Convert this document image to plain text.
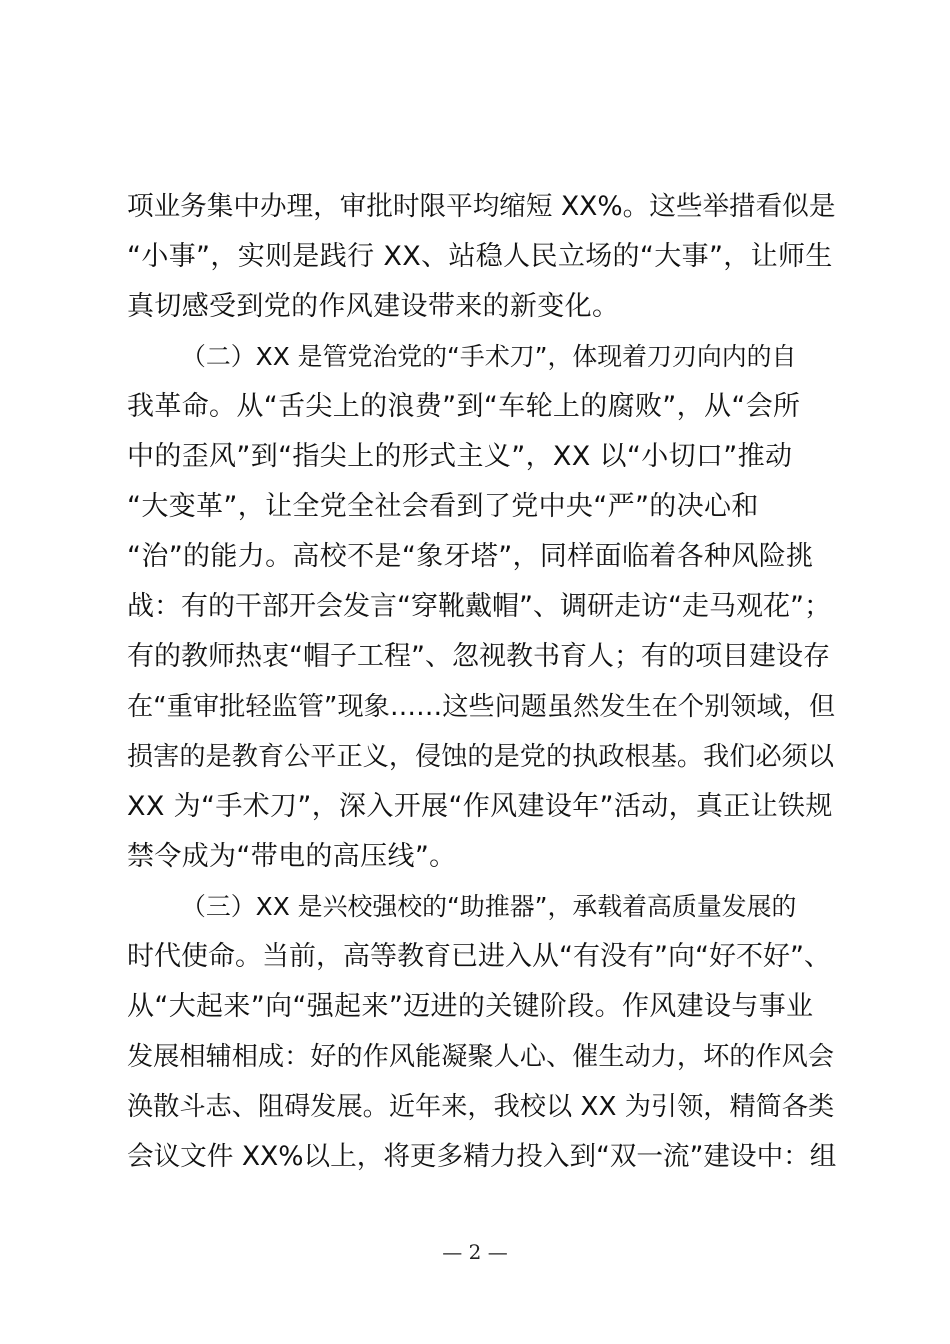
项业务集中办理，审批时限平均缩短 XX%。这些举措看似是

“小事”，实则是践行 XX、站稳人民立场的“大事”，让师生

真切感受到党的作风建设带来的新变化。

（二）XX 是管党治党的“手术刀”，体现着刀刃向内的自

我革命。从“舌尖上的浪费”到“车轮上的腐败”，从“会所

中的歪风”到“指尖上的形式主义”，XX 以“小切口”推动

“大变革”，让全党全社会看到了党中央“严”的决心和

“治”的能力。高校不是“象牙塔”，同样面临着各种风险挑

战：有的干部开会发言“穿靴戴帽”、调研走访“走马观花”；

有的教师热衷“帽子工程”、忽视教书育人；有的项目建设存

在“重审批轻监管”现象……这些问题虽然发生在个别领域，但

损害的是教育公平正义，侵蚀的是党的执政根基。我们必须以

XX 为“手术刀”，深入开展“作风建设年”活动，真正让铁规

禁令成为“带电的高压线”。

（三）XX 是兴校强校的“助推器”，承载着高质量发展的

时代使命。当前，高等教育已进入从“有没有”向“好不好”、

从“大起来”向“强起来”迈进的关键阶段。作风建设与事业

发展相辅相成：好的作风能凝聚人心、催生动力，坏的作风会

涣散斗志、阻碍发展。近年来，我校以 XX 为引领，精简各类

会议文件 XX%以上，将更多精力投入到“双一流”建设中：组

— 2 —
